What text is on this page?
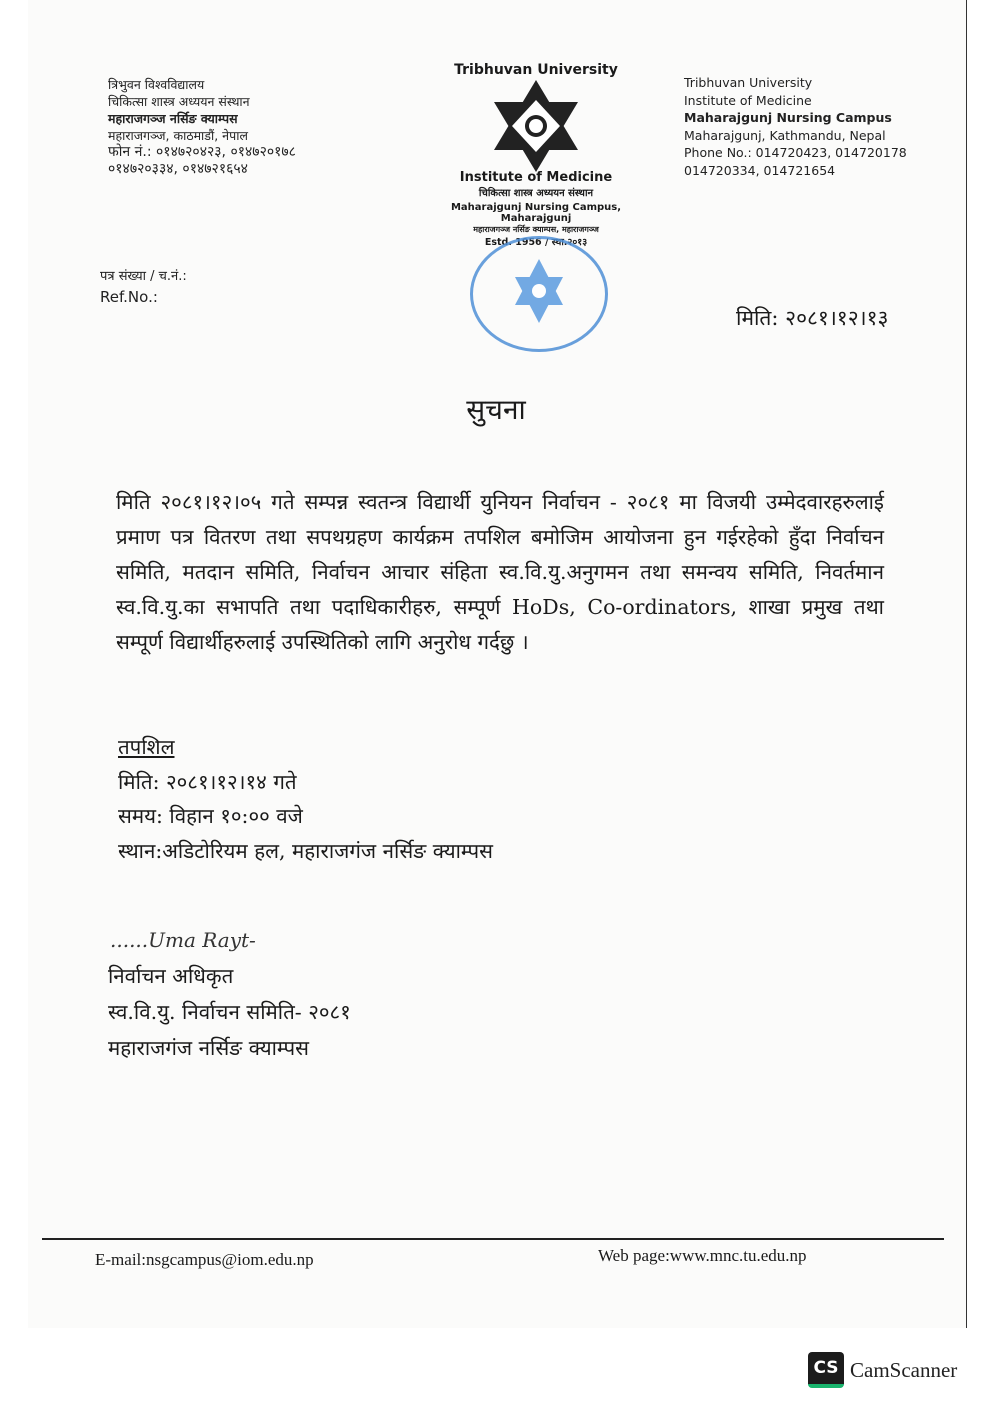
त्रिभुवन विश्वविद्यालय
चिकित्सा शास्त्र अध्ययन संस्थान
महाराजगञ्ज नर्सिङ क्याम्पस
महाराजगञ्ज, काठमाडौं, नेपाल
फोन नं.: ०१४७२०४२३, ०१४७२०१७८
०१४७२०३३४, ०१४७२१६५४
Tribhuvan University
Institute of Medicine
चिकित्सा शास्त्र अध्ययन संस्थान
Maharajgunj Nursing Campus, Maharajgunj
महाराजगञ्ज नर्सिङ क्याम्पस, महाराजगञ्ज
Estd. 1956 / स्था.२०१३
Tribhuvan University
Institute of Medicine
Maharajgunj Nursing Campus
Maharajgunj, Kathmandu, Nepal
Phone No.: 014720423, 014720178
014720334, 014721654
पत्र संख्या / च.नं.:
Ref.No.:
मिति: २०८१।१२।१३
सुचना
मिति २०८१।१२।०५ गते सम्पन्न स्वतन्त्र विद्यार्थी युनियन निर्वाचन - २०८१ मा विजयी उम्मेदवारहरुलाई प्रमाण पत्र वितरण तथा सपथग्रहण कार्यक्रम तपशिल बमोजिम आयोजना हुन गईरहेको हुँदा निर्वाचन समिति, मतदान समिति, निर्वाचन आचार संहिता स्व.वि.यु.अनुगमन तथा समन्वय समिति, निवर्तमान स्व.वि.यु.का सभापति तथा पदाधिकारीहरु, सम्पूर्ण HoDs, Co-ordinators, शाखा प्रमुख तथा सम्पूर्ण विद्यार्थीहरुलाई उपस्थितिको लागि अनुरोध गर्दछु ।
तपशिल
मिति: २०८१।१२।१४ गते
समय: विहान १०:०० वजे
स्थान:अडिटोरियम हल, महाराजगंज नर्सिङ क्याम्पस
......Uma Rayt-
निर्वाचन अधिकृत
स्व.वि.यु. निर्वाचन समिति- २०८१
महाराजगंज नर्सिङ क्याम्पस
E-mail:nsgcampus@iom.edu.np	Web page:www.mnc.tu.edu.np
CS CamScanner
